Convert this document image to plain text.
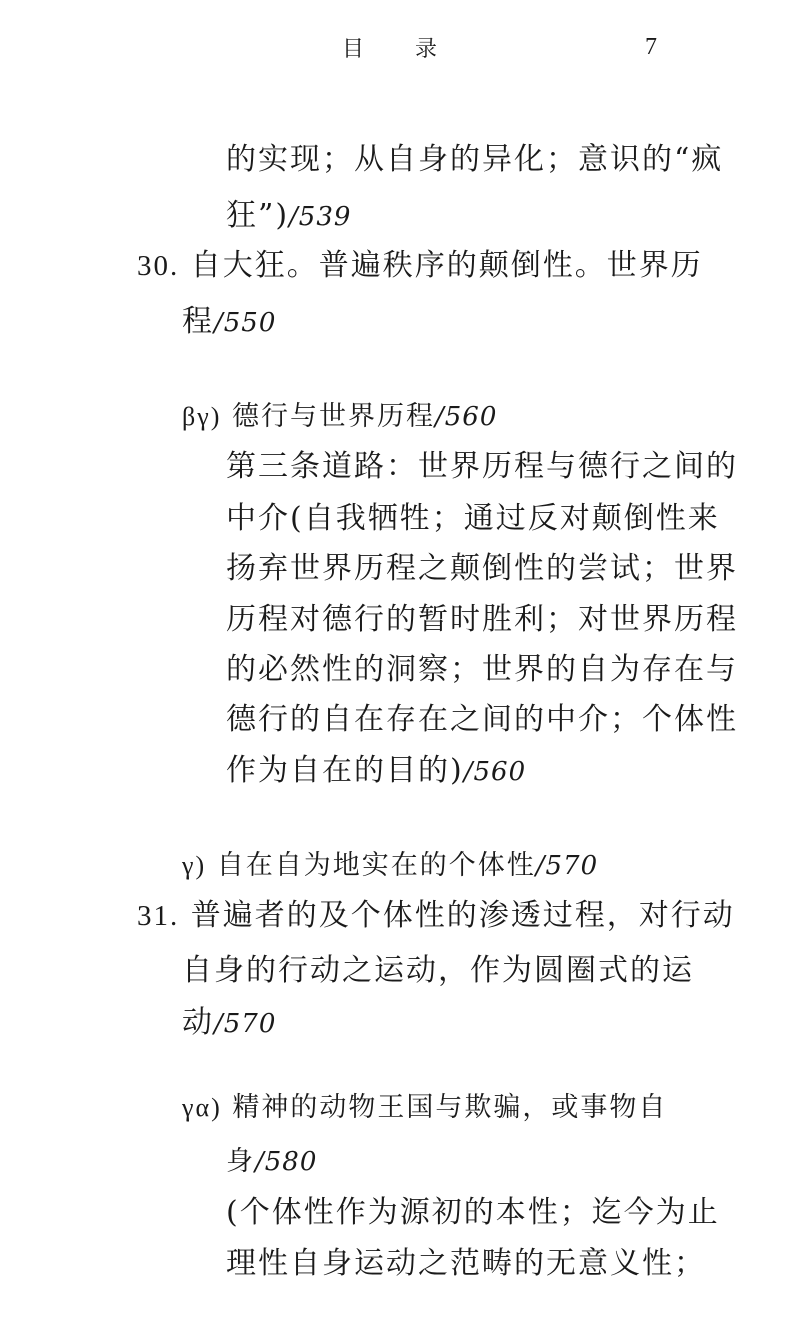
目 录	7
的实现；从自身的异化；意识的“疯
狂”)/539
30. 自大狂。普遍秩序的颠倒性。世界历
程/550
βγ) 德行与世界历程/560
第三条道路：世界历程与德行之间的
中介(自我牺牲；通过反对颠倒性来
扬弃世界历程之颠倒性的尝试；世界
历程对德行的暂时胜利；对世界历程
的必然性的洞察；世界的自为存在与
德行的自在存在之间的中介；个体性
作为自在的目的)/560
γ) 自在自为地实在的个体性/570
31. 普遍者的及个体性的渗透过程，对行动
自身的行动之运动，作为圆圈式的运
动/570
γα) 精神的动物王国与欺骗，或事物自
身/580
(个体性作为源初的本性；迄今为止
理性自身运动之范畴的无意义性；
